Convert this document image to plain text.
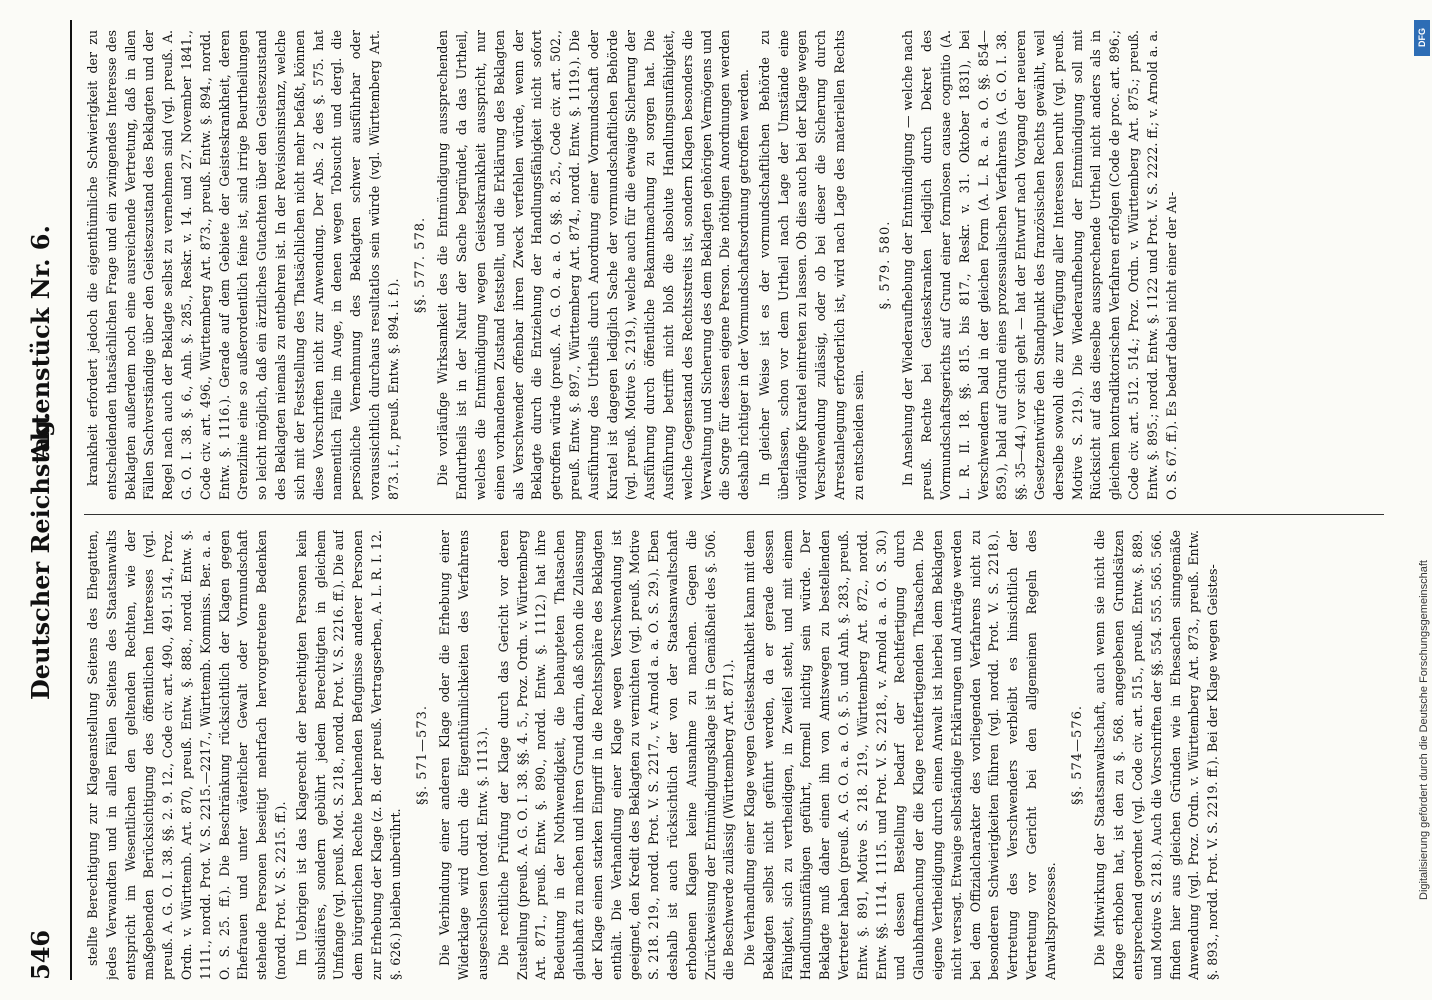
546
Deutscher Reichstag.
Aktenstück Nr. 6.

stellte Berechtigung zur Klageanstellung Seitens des Ehegatten, jedes Verwandten und in allen Fällen Seitens des Staatsanwalts entspricht im Wesentlichen den geltenden Rechten, wie der maßgebenden Berücksichtigung des öffentlichen Interesses (vgl. preuß. A. G. O. I. 38. §§. 2. 9. 12., Code civ. art. 490., 491. 514., Proz. Ordn. v. Württemb. Art. 870, preuß. Entw. §. 888., nordd. Entw. §. 1111., nordd. Prot. V. S. 2215.—2217., Württemb. Kommiss. Ber. a. a. O. S. 25. ff.). Die Beschränkung rücksichtlich der Klagen gegen Ehefrauen und unter väterlicher Gewalt oder Vormundschaft stehende Personen beseitigt mehrfach hervorgetretene Bedenken (nordd. Prot. V. S. 2215. ff.). Im Uebrigen ist das Klagerecht der berechtigten Personen kein subsidiäres, sondern gebührt jedem Berechtigten in gleichem Umfange (vgl. preuß. Mot. S. 218., nordd. Prot. V. S. 2216. ff.). Die auf dem bürgerlichen Rechte beruhenden Befugnisse anderer Personen zur Erhebung der Klage (z. B. der preuß. Vertragserben, A. L. R. I. 12. §. 626.) bleiben unberührt.

§§. 571—573. Die Verbindung einer anderen Klage oder die Erhebung einer Widerklage wird durch die Eigenthümlichkeiten des Verfahrens ausgeschlossen (nordd. Entw. §. 1113.). Die rechtliche Prüfung der Klage durch das Gericht vor deren Zustellung (preuß. A. G. O. I. 38. §§. 4. 5., Proz. Ordn. v. Württemberg Art. 871., preuß. Entw. §. 890., nordd. Entw. §. 1112.) hat ihre Bedeutung in der Nothwendigkeit, die behaupteten Thatsachen glaubhaft zu machen und ihren Grund darin, daß schon die Zulassung der Klage einen starken Eingriff in die Rechtssphäre des Beklagten enthält. Die Verhandlung einer Klage wegen Verschwendung ist geeignet, den Kredit des Beklagten zu vernichten (vgl. preuß. Motive S. 218. 219., nordd. Prot. V. S. 2217., v. Arnold a. a. O. S. 29.). Eben deshalb ist auch rücksichtlich der von der Staatsanwaltschaft erhobenen Klagen keine Ausnahme zu machen. Gegen die Zurückweisung der Entmündigungsklage ist in Gemäßheit des §. 506. die Beschwerde zulässig (Württemberg Art. 871.). Die Verhandlung einer Klage wegen Geisteskrankheit kann mit dem Beklagten selbst nicht geführt werden, da er gerade dessen Fähigkeit, sich zu vertheidigen, in Zweifel steht, und mit einem Handlungsunfähigen geführt, formell nichtig sein würde. Der Beklagte muß daher einen ihn von Amtswegen zu bestellenden Vertreter haben (preuß. A. G. O. a. a. O. §. 5. und Anh. §. 283., preuß. Entw. §. 891, Motive S. 218. 219., Württemberg Art. 872., nordd. Entw. §§. 1114. 1115. und Prot. V. S. 2218., v. Arnold a. a. O. S. 30.) und dessen Bestellung bedarf der Rechtfertigung durch Glaubhaftmachung der die Klage rechtfertigenden Thatsachen. Die eigene Vertheidigung durch einen Anwalt ist hierbei dem Beklagten nicht versagt. Etwaige selbständige Erklärungen und Anträge werden bei dem Offizialcharakter des vorliegenden Verfahrens nicht zu besonderen Schwierigkeiten führen (vgl. nordd. Prot. V. S. 2218.). Vertretung des Verschwenders verbleibt es hinsichtlich der Vertretung vor Gericht bei den allgemeinen Regeln des Anwaltsprozesses.

§§. 574—576. Die Mitwirkung der Staatsanwaltschaft, auch wenn sie nicht die Klage erhoben hat, ist den zu §. 568. angegebenen Grundsätzen entsprechend geordnet (vgl. Code civ. art. 515., preuß. Entw. §. 889. und Motive S. 218.). Auch die Vorschriften der §§. 554. 555. 565. 566. finden hier aus gleichen Gründen wie in Ehesachen sinngemäße Anwendung (vgl. Proz. Ordn. v. Württemberg Art. 873., preuß. Entw. §. 893., nordd. Prot. V. S. 2219. ff.). Bei der Klage wegen Geistes-

krankheit erfordert jedoch die eigenthümliche Schwierigkeit der zu entscheidenden thatsächlichen Frage und ein zwingendes Interesse des Beklagten außerdem noch eine ausreichende Vertretung, daß in allen Fällen Sachverständige über den Geisteszustand des Beklagten und der Regel nach auch der Beklagte selbst zu vernehmen sind (vgl. preuß. A. G. O. I. 38. §. 6., Anh. §. 285., Reskr. v. 14. und 27. November 1841., Code civ. art. 496., Württemberg Art. 873., preuß. Entw. §. 894., nordd. Entw. §. 1116.). Gerade auf dem Gebiete der Geisteskrankheit, deren Grenzlinie eine so außerordentlich feine ist, sind irrige Beurtheilungen so leicht möglich, daß ein ärztliches Gutachten über den Geisteszustand des Beklagten niemals zu entbehren ist. In der Revisionsinstanz, welche sich mit der Feststellung des Thatsächlichen nicht mehr befaßt, können diese Vorschriften nicht zur Anwendung. Der Abs. 2 des §. 575. hat namentlich Fälle im Auge, in denen wegen Tobsucht und dergl. die persönliche Vernehmung des Beklagten schwer ausführbar oder voraussichtlich durchaus resultatlos sein würde (vgl. Württemberg Art. 873. i. f., preuß. Entw. §. 894. i. f.).

§§. 577. 578. Die vorläufige Wirksamkeit des die Entmündigung aussprechenden Endurtheils ist in der Natur der Sache begründet, da das Urtheil, welches die Entmündigung wegen Geisteskrankheit ausspricht, nur einen vorhandenen Zustand feststellt, und die Erklärung des Beklagten als Verschwender offenbar ihren Zweck verfehlen würde, wenn der Beklagte durch die Entziehung der Handlungsfähigkeit nicht sofort getroffen würde (preuß. A. G. O. a. a. O. §§. 8. 25., Code civ. art. 502., preuß. Entw. §. 897., Württemberg Art. 874., nordd. Entw. §. 1119.). Die Ausführung des Urtheils durch Anordnung einer Vormundschaft oder Kuratel ist dagegen lediglich Sache der vormundschaftlichen Behörde (vgl. preuß. Motive S. 219.), welche auch für die etwaige Sicherung der Ausführung durch öffentliche Bekanntmachung zu sorgen hat. Die Ausführung betrifft nicht bloß die absolute Handlungsunfähigkeit, welche Gegenstand des Rechtsstreits ist, sondern Klagen besonders die Verwaltung und Sicherung des dem Beklagten gehörigen Vermögens und die Sorge für dessen eigene Person. Die nöthigen Anordnungen werden deshalb richtiger in der Vormundschaftsordnung getroffen werden. In gleicher Weise ist es der vormundschaftlichen Behörde zu überlassen, schon vor dem Urtheil nach Lage der Umstände eine vorläufige Kuratel eintreten zu lassen. Ob dies auch bei der Klage wegen Verschwendung zulässig, oder ob bei dieser die Sicherung durch Arrestanlegung erforderlich ist, wird nach Lage des materiellen Rechts zu entscheiden sein.

§. 579. 580. In Ansehung der Wiederaufhebung der Entmündigung — welche nach preuß. Rechte bei Geisteskranken lediglich durch Dekret des Vormundschaftsgerichts auf Grund einer formlosen causae cognitio (A. L. R. II. 18. §§. 815. bis 817., Reskr. v. 31. Oktober 1831), bei Verschwendern bald in der gleichen Form (A. L. R. a. a. O. §§. 854—859.), bald auf Grund eines prozessualischen Verfahrens (A. G. O. I. 38. §§. 35—44.) vor sich geht — hat der Entwurf nach Vorgang der neueren Gesetzentwürfe den Standpunkt des französischen Rechts gewählt, weil derselbe sowohl die zur Verfügung aller Interessen beruht (vgl. preuß. Motive S. 219.). Die Wiederaufhebung der Entmündigung soll mit Rücksicht auf das dieselbe aussprechende Urtheil nicht anders als in gleichem kontradiktorischen Verfahren erfolgen (Code de proc. art. 896.; Code civ. art. 512. 514.; Proz. Ordn. v. Württemberg Art. 875.; preuß. Entw. §. 895.; nordd. Entw. §. 1122 und Prot. V. S. 2222. ff.; v. Arnold a. a. O. S. 67. ff.). Es bedarf dabei nicht einer der Au-

Digitalisierung gefördert durch die Deutsche Forschungsgemeinschaft
DFG
